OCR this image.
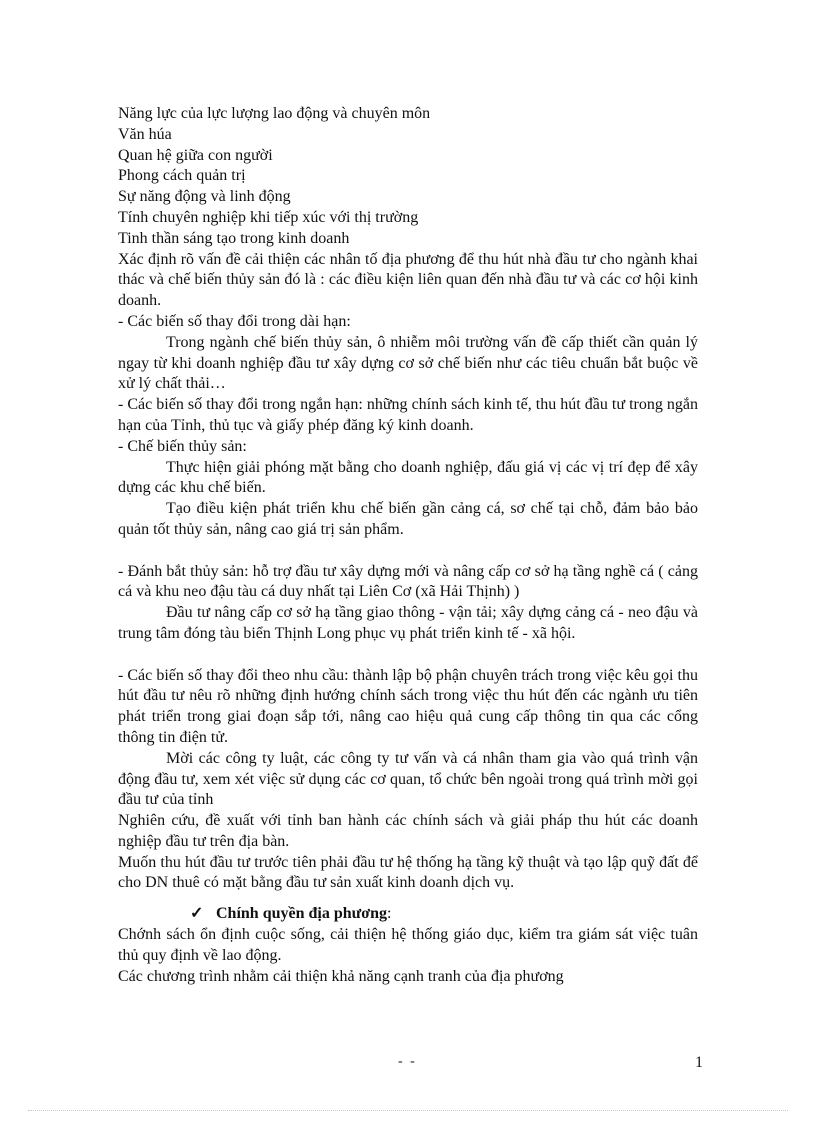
Năng lực của lực lượng lao động và chuyên môn

Văn húa

Quan hệ giữa con người

Phong cách quản trị

Sự năng động và linh động

Tính chuyên nghiệp khi tiếp xúc với thị trường

Tinh thần sáng tạo trong kinh doanh

Xác định rõ vấn đề cải thiện các nhân tố địa phương để thu hút nhà đầu tư cho ngành khai thác và chế biến thủy sản đó là : các điều kiện liên quan đến nhà đầu tư và các cơ hội kinh doanh.

- Các biến số thay đổi trong dài hạn:

Trong ngành chế biến thủy sản, ô nhiễm môi trường vấn đề cấp thiết cần quản lý ngay từ khi doanh nghiệp đầu tư xây dựng cơ sở chế biến như các tiêu chuẩn bắt buộc về xử lý chất thải…

- Các biến số thay đổi trong ngắn hạn: những chính sách kinh tế, thu hút đầu tư trong ngắn hạn của Tỉnh, thủ tục và giấy phép đăng ký kinh doanh.

- Chế biến thủy sản:

Thực hiện giải phóng mặt bằng cho doanh nghiệp, đấu giá vị các vị trí đẹp để xây dựng các khu chế biến.

Tạo điều kiện phát triển khu chế biến gần cảng cá, sơ chế tại chỗ, đảm bảo bảo quản tốt thủy sản, nâng cao giá trị sản phẩm.

- Đánh bắt thủy sản: hỗ trợ đầu tư xây dựng mới và nâng cấp cơ sở hạ tầng nghề cá ( cảng cá và khu neo đậu tàu cá duy nhất tại Liên Cơ (xã Hải Thịnh) )

Đầu tư nâng cấp cơ sở hạ tầng giao thông - vận tải; xây dựng cảng cá - neo đậu và trung tâm đóng tàu biển Thịnh Long phục vụ phát triển kinh tế - xã hội.

- Các biến số thay đổi theo nhu cầu: thành lập bộ phận chuyên trách trong việc kêu gọi thu hút đầu tư nêu rõ những định hướng chính sách trong việc thu hút đến các ngành ưu tiên phát triển trong giai đoạn sắp tới, nâng cao hiệu quả cung cấp thông tin qua các cổng thông tin điện tử.

Mời các công ty luật, các công ty tư vấn và cá nhân tham gia vào quá trình vận động đầu tư, xem xét việc sử dụng các cơ quan, tổ chức bên ngoài trong quá trình mời gọi đầu tư của tỉnh

Nghiên cứu, đề xuất với tỉnh ban hành các chính sách và giải pháp thu hút các doanh nghiệp đầu tư trên địa bàn.

Muốn thu hút đầu tư trước tiên phải đầu tư hệ thống hạ tầng kỹ thuật và tạo lập quỹ đất để cho DN thuê có mặt bằng đầu tư sản xuất kinh doanh dịch vụ.

✓ Chính quyền địa phương:

Chớnh sách ổn định cuộc sống, cải thiện hệ thống giáo dục, kiểm tra giám sát việc tuân thủ quy định về lao động.

Các chương trình nhằm cải thiện khả năng cạnh tranh của địa phương

- -	1
